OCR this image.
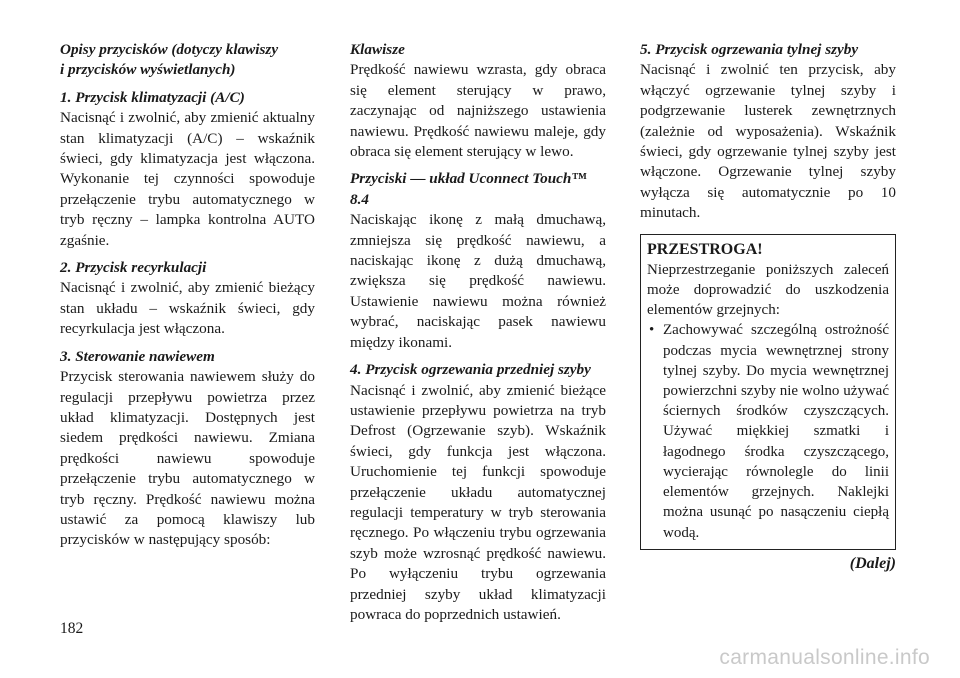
Opisy przycisków (dotyczy klawiszy

i przycisków wyświetlanych)

1. Przycisk klimatyzacji (A/C)

Nacisnąć i zwolnić, aby zmienić aktualny stan klimatyzacji (A/C) – wskaźnik świeci, gdy klimatyzacja jest włączona. Wykonanie tej czynności spowoduje przełączenie trybu automatycznego w tryb ręczny – lampka kontrolna AUTO zgaśnie.

2. Przycisk recyrkulacji

Nacisnąć i zwolnić, aby zmienić bieżący stan układu – wskaźnik świeci, gdy recyrkulacja jest włączona.

3. Sterowanie nawiewem

Przycisk sterowania nawiewem służy do regulacji przepływu powietrza przez układ klimatyzacji. Dostępnych jest siedem prędkości nawiewu. Zmiana prędkości nawiewu spowoduje przełączenie trybu automatycznego w tryb ręczny. Prędkość nawiewu można ustawić za pomocą klawiszy lub przycisków w następujący sposób:

Klawisze

Prędkość nawiewu wzrasta, gdy obraca się element sterujący w prawo, zaczynając od najniższego ustawienia nawiewu. Prędkość nawiewu maleje, gdy obraca się element sterujący w lewo.

Przyciski — układ Uconnect Touch™

8.4

Naciskając ikonę z małą dmuchawą, zmniejsza się prędkość nawiewu, a naciskając ikonę z dużą dmuchawą, zwiększa się prędkość nawiewu. Ustawienie nawiewu można również wybrać, naciskając pasek nawiewu między ikonami.

4. Przycisk ogrzewania przedniej szyby

Nacisnąć i zwolnić, aby zmienić bieżące ustawienie przepływu powietrza na tryb Defrost (Ogrzewanie szyb). Wskaźnik świeci, gdy funkcja jest włączona. Uruchomienie tej funkcji spowoduje przełączenie układu automatycznej regulacji temperatury w tryb sterowania ręcznego. Po włączeniu trybu ogrzewania szyb może wzrosnąć prędkość nawiewu. Po wyłączeniu trybu ogrzewania przedniej szyby układ klimatyzacji powraca do poprzednich ustawień.

5. Przycisk ogrzewania tylnej szyby

Nacisnąć i zwolnić ten przycisk, aby włączyć ogrzewanie tylnej szyby i podgrzewanie lusterek zewnętrznych (zależnie od wyposażenia). Wskaźnik świeci, gdy ogrzewanie tylnej szyby jest włączone. Ogrzewanie tylnej szyby wyłącza się automatycznie po 10 minutach.

PRZESTROGA!

Nieprzestrzeganie poniższych zaleceń może doprowadzić do uszkodzenia elementów grzejnych:

• Zachowywać szczególną ostrożność podczas mycia wewnętrznej strony tylnej szyby. Do mycia wewnętrznej powierzchni szyby nie wolno używać ściernych środków czyszczących. Używać miękkiej szmatki i łagodnego środka czyszczącego, wycierając równolegle do linii elementów grzejnych. Naklejki można usunąć po nasączeniu ciepłą wodą.
(Dalej)
182
carmanualsonline.info
